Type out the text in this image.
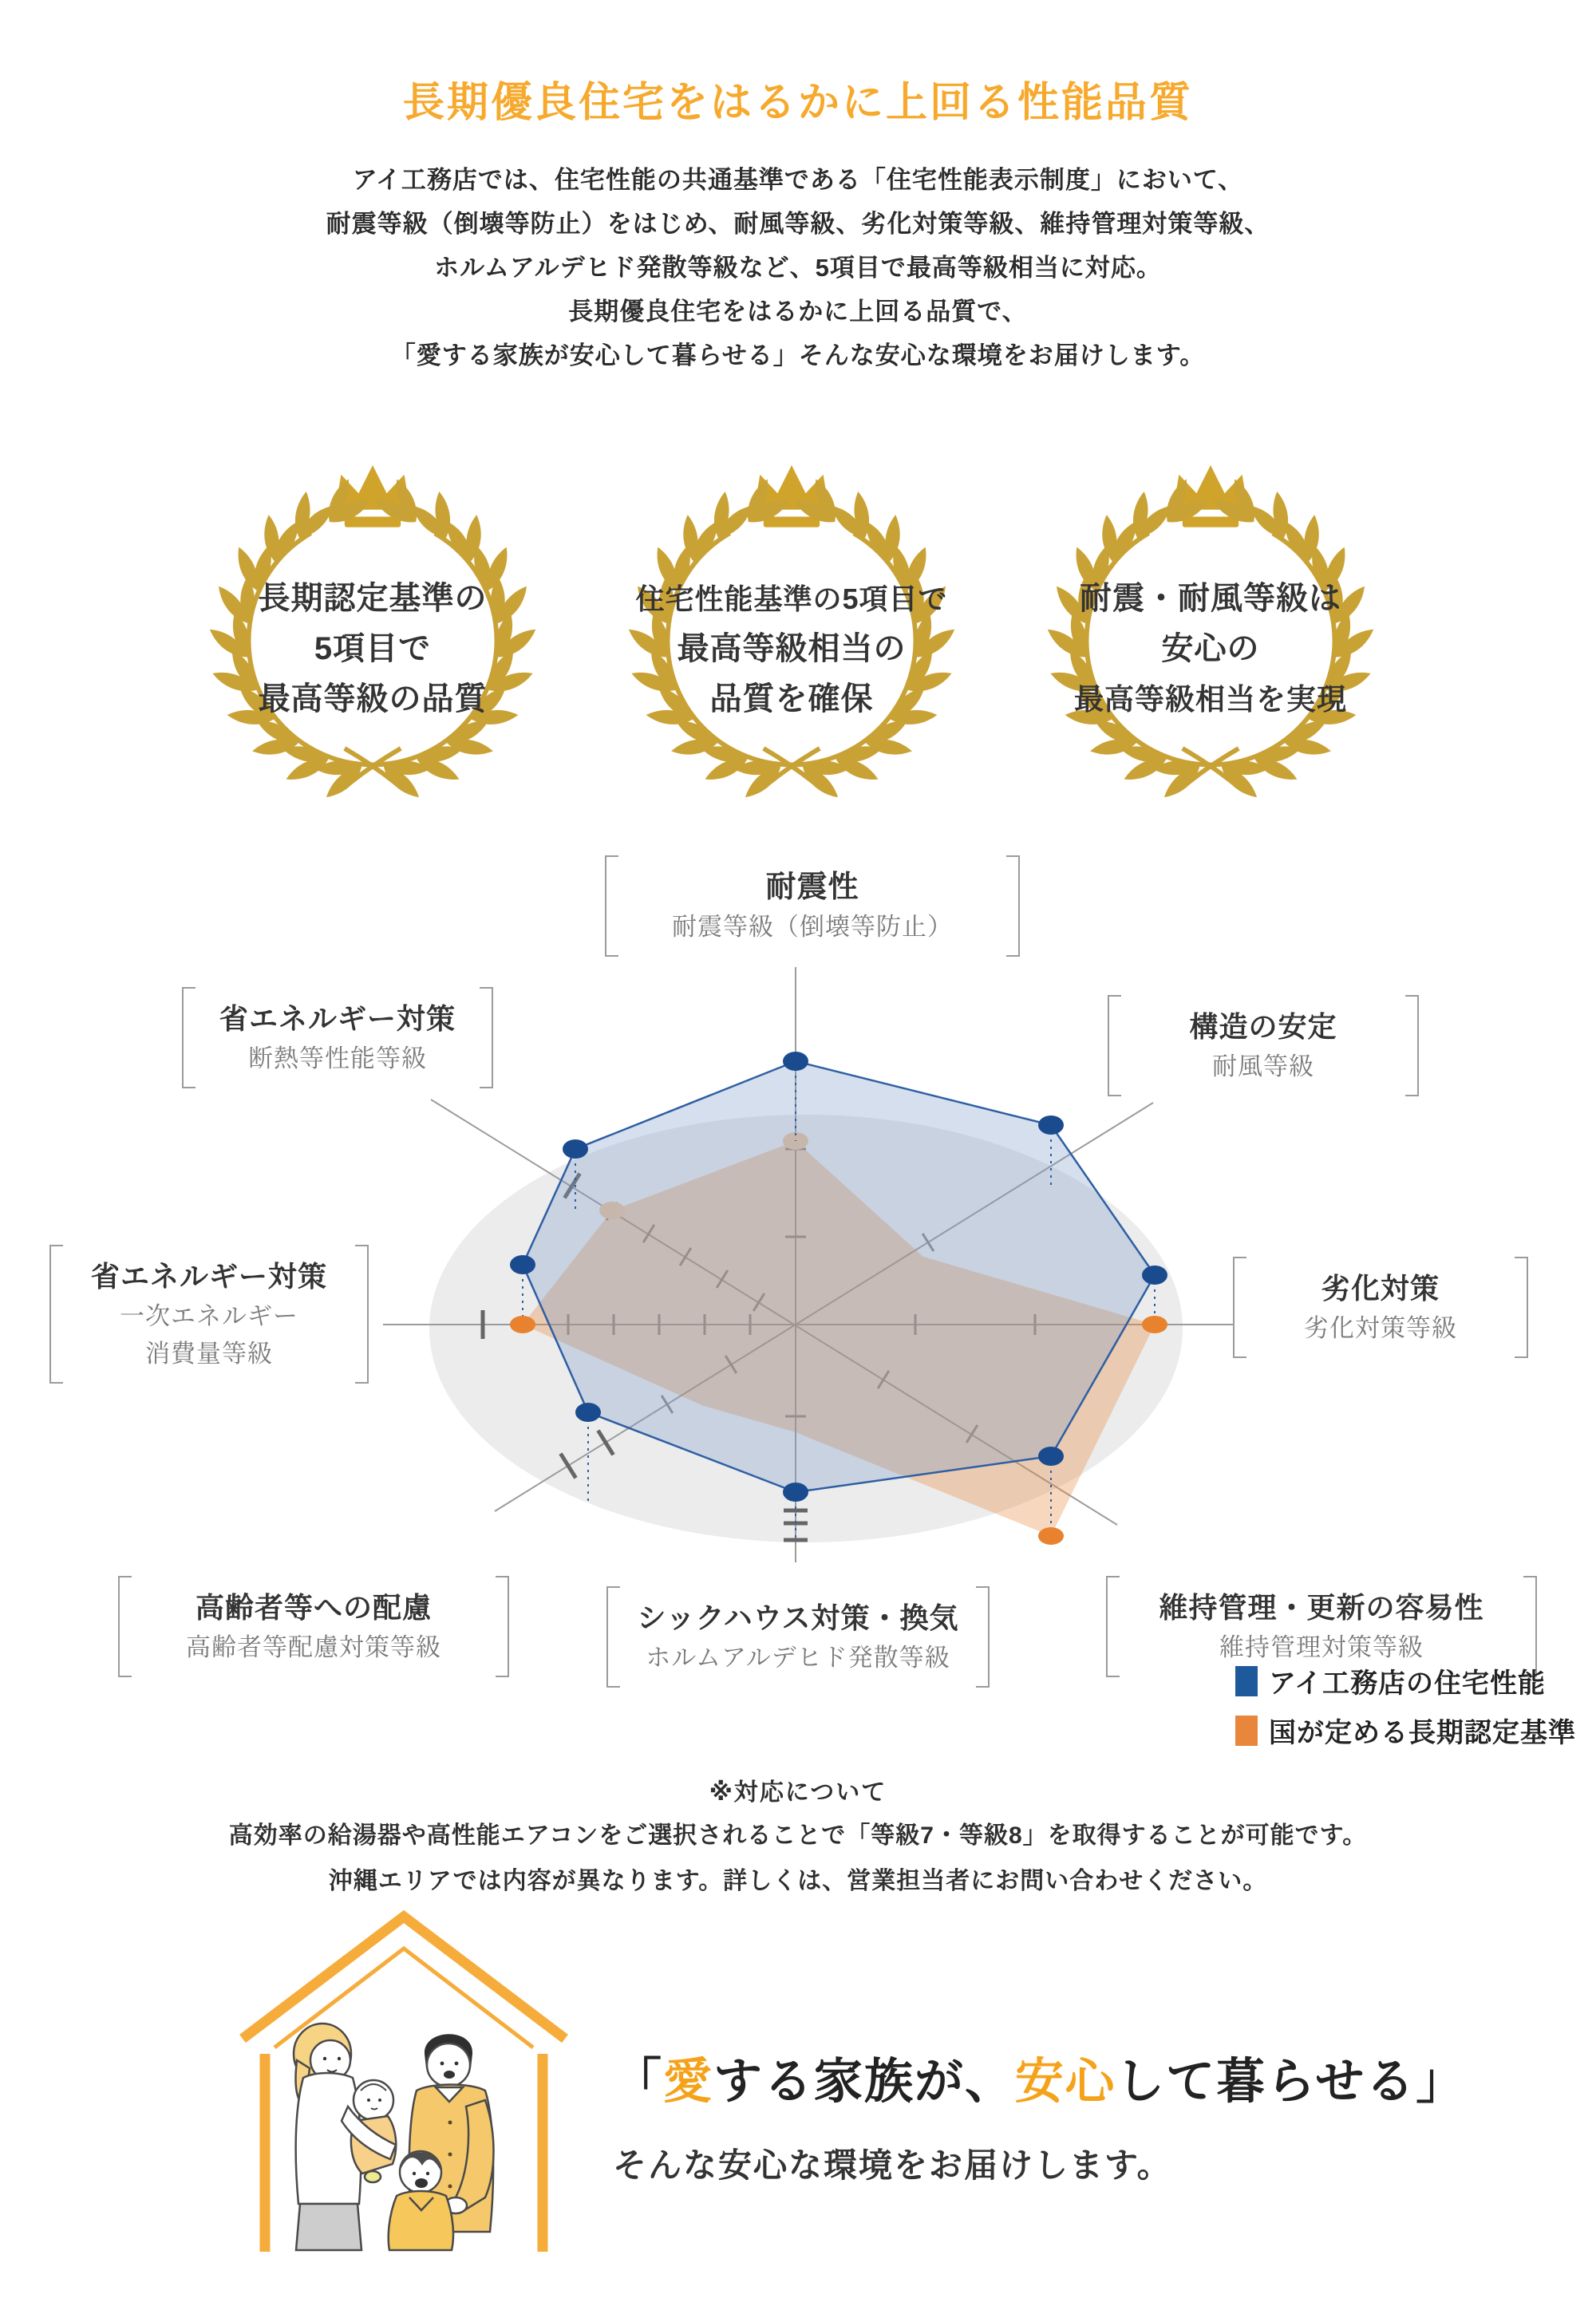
長期優良住宅をはるかに上回る性能品質
アイ工務店では、住宅性能の共通基準である「住宅性能表示制度」において、
耐震等級（倒壊等防止）をはじめ、耐風等級、劣化対策等級、維持管理対策等級、
ホルムアルデヒド発散等級など、5項目で最高等級相当に対応。
長期優良住宅をはるかに上回る品質で、
「愛する家族が安心して暮らせる」そんな安心な環境をお届けします。
長期認定基準の
5項目で
最高等級の品質
住宅性能基準の5項目で
最高等級相当の
品質を確保
耐震・耐風等級は
安心の
最高等級相当を実現
耐震性
耐震等級（倒壊等防止）
省エネルギー対策
断熱等性能等級
構造の安定
耐風等級
省エネルギー対策
一次エネルギー
消費量等級
劣化対策
劣化対策等級
高齢者等への配慮
高齢者等配慮対策等級
維持管理・更新の容易性
維持管理対策等級
シックハウス対策・換気
ホルムアルデヒド発散等級
アイ工務店の住宅性能
国が定める長期認定基準
※対応について
高効率の給湯器や高性能エアコンをご選択されることで「等級7・等級8」を取得することが可能です。
沖縄エリアでは内容が異なります。詳しくは、営業担当者にお問い合わせください。
「愛する家族が、安心して暮らせる」
そんな安心な環境をお届けします。
